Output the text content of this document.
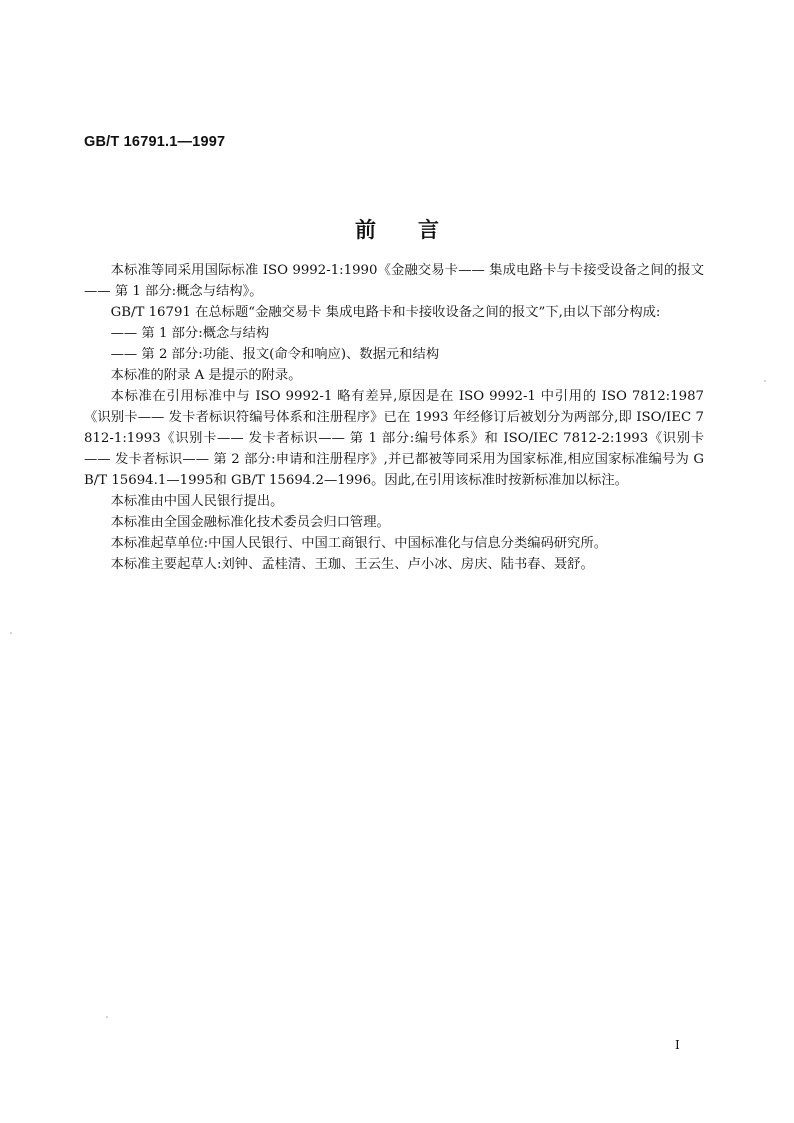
GB/T 16791.1—1997
前言

本标准等同采用国际标准 ISO 9992-1:1990《金融交易卡—— 集成电路卡与卡接受设备之间的报文—— 第 1 部分:概念与结构》。

GB/T 16791 在总标题“金融交易卡 集成电路卡和卡接收设备之间的报文”下,由以下部分构成:

—— 第 1 部分:概念与结构

—— 第 2 部分:功能、报文(命令和响应)、数据元和结构

本标准的附录 A 是提示的附录。

本标准在引用标准中与 ISO 9992-1 略有差异,原因是在 ISO 9992-1 中引用的 ISO 7812:1987《识别卡—— 发卡者标识符编号体系和注册程序》已在 1993 年经修订后被划分为两部分,即 ISO/IEC 7812-1:1993《识别卡—— 发卡者标识—— 第 1 部分:编号体系》和 ISO/IEC 7812-2:1993《识别卡—— 发卡者标识—— 第 2 部分:申请和注册程序》,并已都被等同采用为国家标准,相应国家标准编号为 GB/T 15694.1—1995和 GB/T 15694.2—1996。因此,在引用该标准时按新标准加以标注。

本标准由中国人民银行提出。

本标准由全国金融标准化技术委员会归口管理。

本标准起草单位:中国人民银行、中国工商银行、中国标准化与信息分类编码研究所。

本标准主要起草人:刘钟、孟桂清、王珈、王云生、卢小冰、房庆、陆书春、聂舒。

I
